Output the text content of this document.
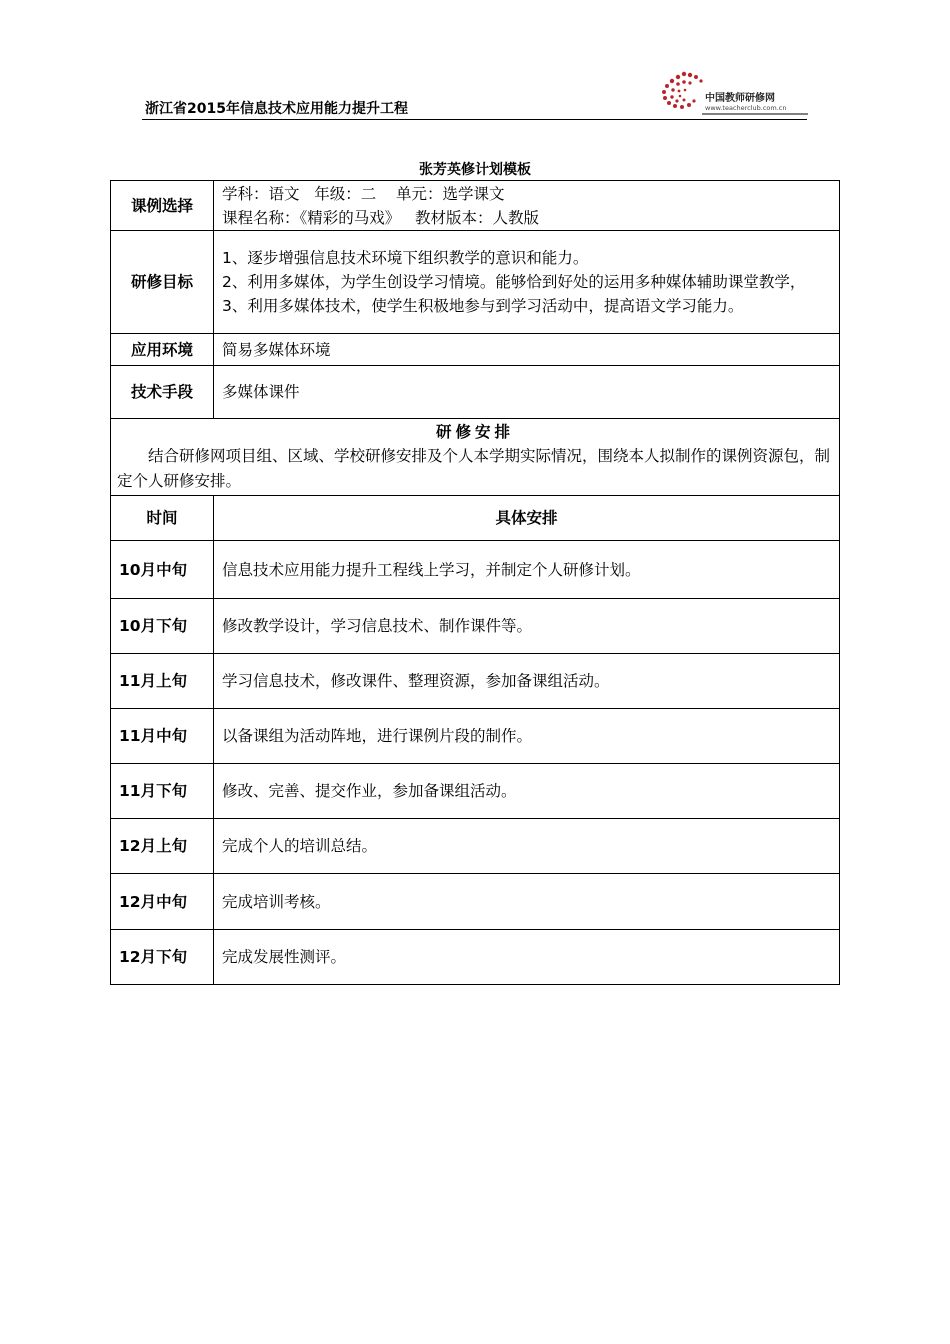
浙江省2015年信息技术应用能力提升工程
中国教师研修网
www.teacherclub.com.cn
张芳英修计划模板
课例选择	学科：语文   年级：二    单元：选学课文
课程名称：《精彩的马戏》   教材版本：人教版

研修目标	1、逐步增强信息技术环境下组织教学的意识和能力。
2、利用多媒体，为学生创设学习情境。能够恰到好处的运用多种媒体辅助课堂教学，
3、利用多媒体技术，使学生积极地参与到学习活动中，提高语文学习能力。

应用环境	简易多媒体环境
技术手段	多媒体课件

研修安排
结合研修网项目组、区域、学校研修安排及个人本学期实际情况，围绕本人拟制作的课例资源包，制定个人研修安排。	

时间	具体安排
10月中旬	信息技术应用能力提升工程线上学习，并制定个人研修计划。
10月下旬	修改教学设计，学习信息技术、制作课件等。
11月上旬	学习信息技术，修改课件、整理资源，参加备课组活动。
11月中旬	以备课组为活动阵地，进行课例片段的制作。
11月下旬	修改、完善、提交作业，参加备课组活动。
12月上旬	完成个人的培训总结。
12月中旬	完成培训考核。
12月下旬	完成发展性测评。
